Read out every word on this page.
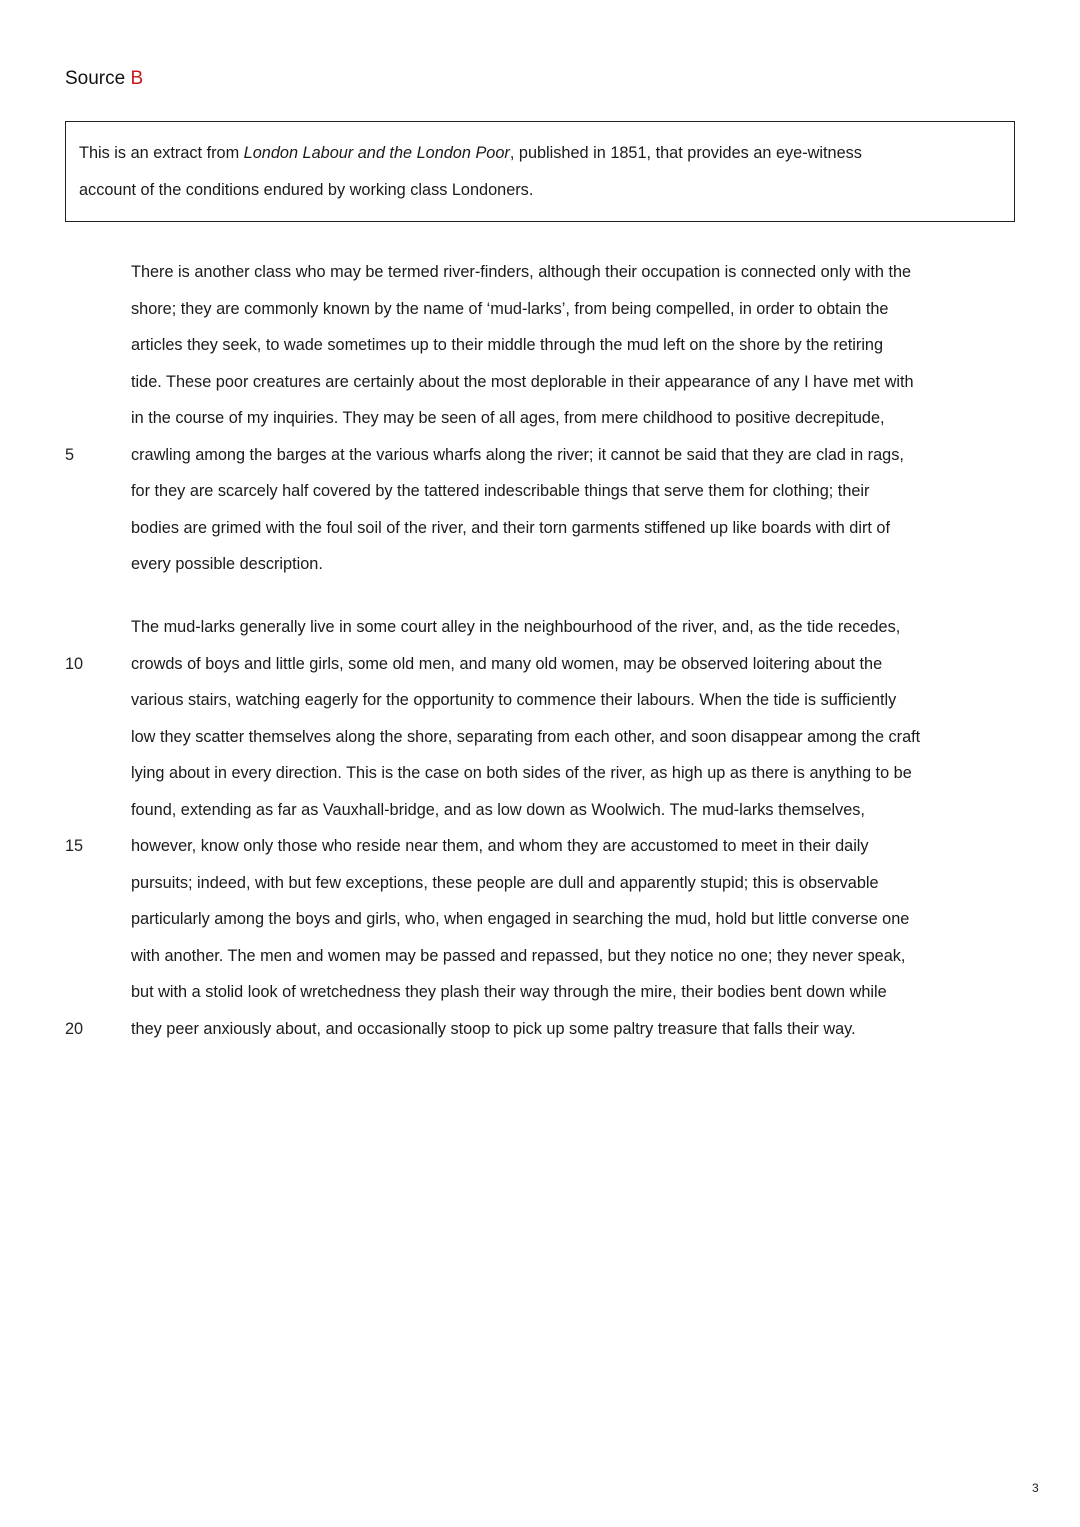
Source B
This is an extract from London Labour and the London Poor, published in 1851, that provides an eye-witness
account of the conditions endured by working class Londoners.
There is another class who may be termed river-finders, although their occupation is connected only with the
shore; they are commonly known by the name of ‘mud-larks’, from being compelled, in order to obtain the
articles they seek, to wade sometimes up to their middle through the mud left on the shore by the retiring
tide. These poor creatures are certainly about the most deplorable in their appearance of any I have met with
in the course of my inquiries. They may be seen of all ages, from mere childhood to positive decrepitude,
5	crawling among the barges at the various wharfs along the river; it cannot be said that they are clad in rags,
for they are scarcely half covered by the tattered indescribable things that serve them for clothing; their
bodies are grimed with the foul soil of the river, and their torn garments stiffened up like boards with dirt of
every possible description.
The mud-larks generally live in some court alley in the neighbourhood of the river, and, as the tide recedes,
10	crowds of boys and little girls, some old men, and many old women, may be observed loitering about the
various stairs, watching eagerly for the opportunity to commence their labours. When the tide is sufficiently
low they scatter themselves along the shore, separating from each other, and soon disappear among the craft
lying about in every direction. This is the case on both sides of the river, as high up as there is anything to be
found, extending as far as Vauxhall-bridge, and as low down as Woolwich. The mud-larks themselves,
15	however, know only those who reside near them, and whom they are accustomed to meet in their daily
pursuits; indeed, with but few exceptions, these people are dull and apparently stupid; this is observable
particularly among the boys and girls, who, when engaged in searching the mud, hold but little converse one
with another. The men and women may be passed and repassed, but they notice no one; they never speak,
but with a stolid look of wretchedness they plash their way through the mire, their bodies bent down while
20	they peer anxiously about, and occasionally stoop to pick up some paltry treasure that falls their way.
3
